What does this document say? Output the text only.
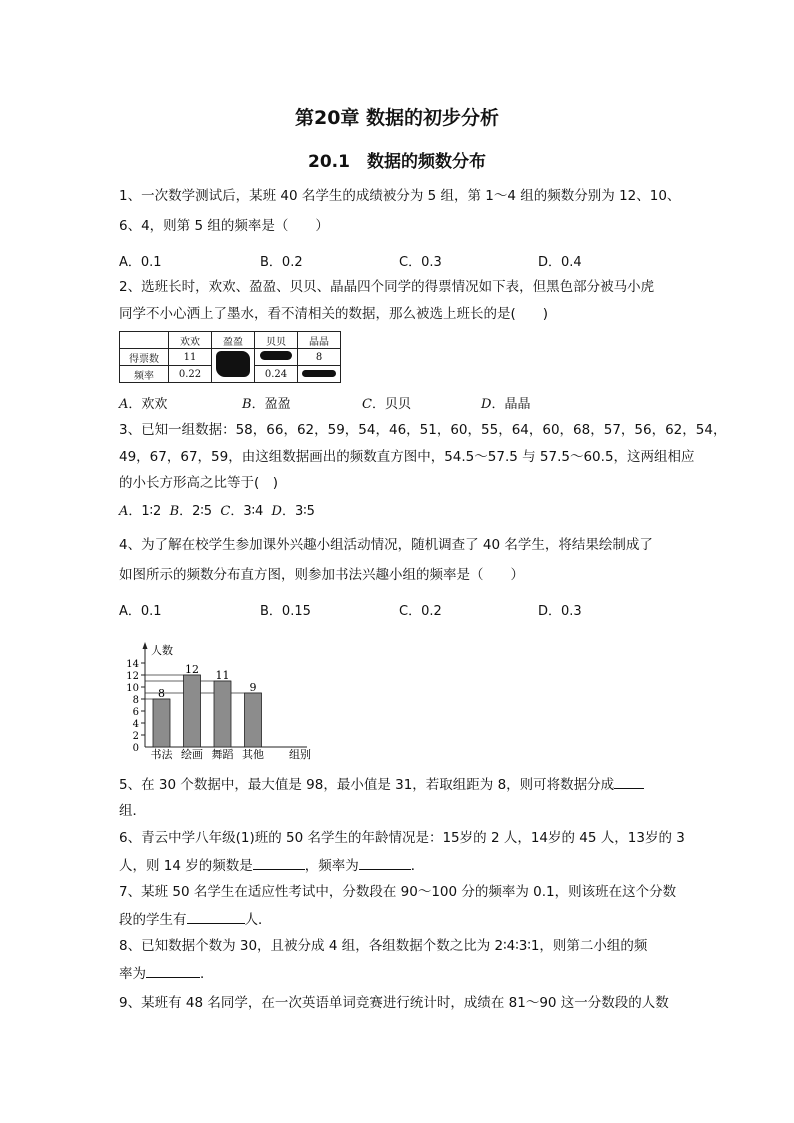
第20章 数据的初步分析
20.1　数据的频数分布
1、一次数学测试后，某班 40 名学生的成绩被分为 5 组，第 1～4 组的频数分别为 12、10、
6、4，则第 5 组的频率是（　　）
A．0.1	B．0.2	C．0.3	D．0.4
2、选班长时，欢欢、盈盈、贝贝、晶晶四个同学的得票情况如下表，但黑色部分被马小虎
同学不小心洒上了墨水，看不清相关的数据，那么被选上班长的是(　　)
	欢欢	盈盈	贝贝	晶晶
得票数	11			8
频率	0.22		0.24	
A．欢欢	B．盈盈	C．贝贝	D．晶晶
3、已知一组数据：58，66，62，59，54，46，51，60，55，64，60，68，57，56，62，54，
49，67，67，59，由这组数据画出的频数直方图中，54.5～57.5 与 57.5～60.5，这两组相应
的小长方形高之比等于(　)
A．1∶2 B．2∶5 C．3∶4 D．3∶5
4、为了解在校学生参加课外兴趣小组活动情况，随机调查了 40 名学生，将结果绘制成了
如图所示的频数分布直方图，则参加书法兴趣小组的频率是（　　）
A．0.1	B．0.15	C．0.2	D．0.3
0
2
4
6
8
10
12
14
8
书法
12
绘画
11
舞蹈
9
其他
人数
组别
5、在 30 个数据中，最大值是 98，最小值是 31，若取组距为 8，则可将数据分成
组．
6、青云中学八年级(1)班的 50 名学生的年龄情况是：15岁的 2 人，14岁的 45 人，13岁的 3
人，则 14 岁的频数是	，频率为	．
7、某班 50 名学生在适应性考试中，分数段在 90～100 分的频率为 0.1，则该班在这个分数
段的学生有	人．
8、已知数据个数为 30，且被分成 4 组，各组数据个数之比为 2∶4∶3∶1，则第二小组的频
率为	．
9、某班有 48 名同学，在一次英语单词竞赛进行统计时，成绩在 81～90 这一分数段的人数
